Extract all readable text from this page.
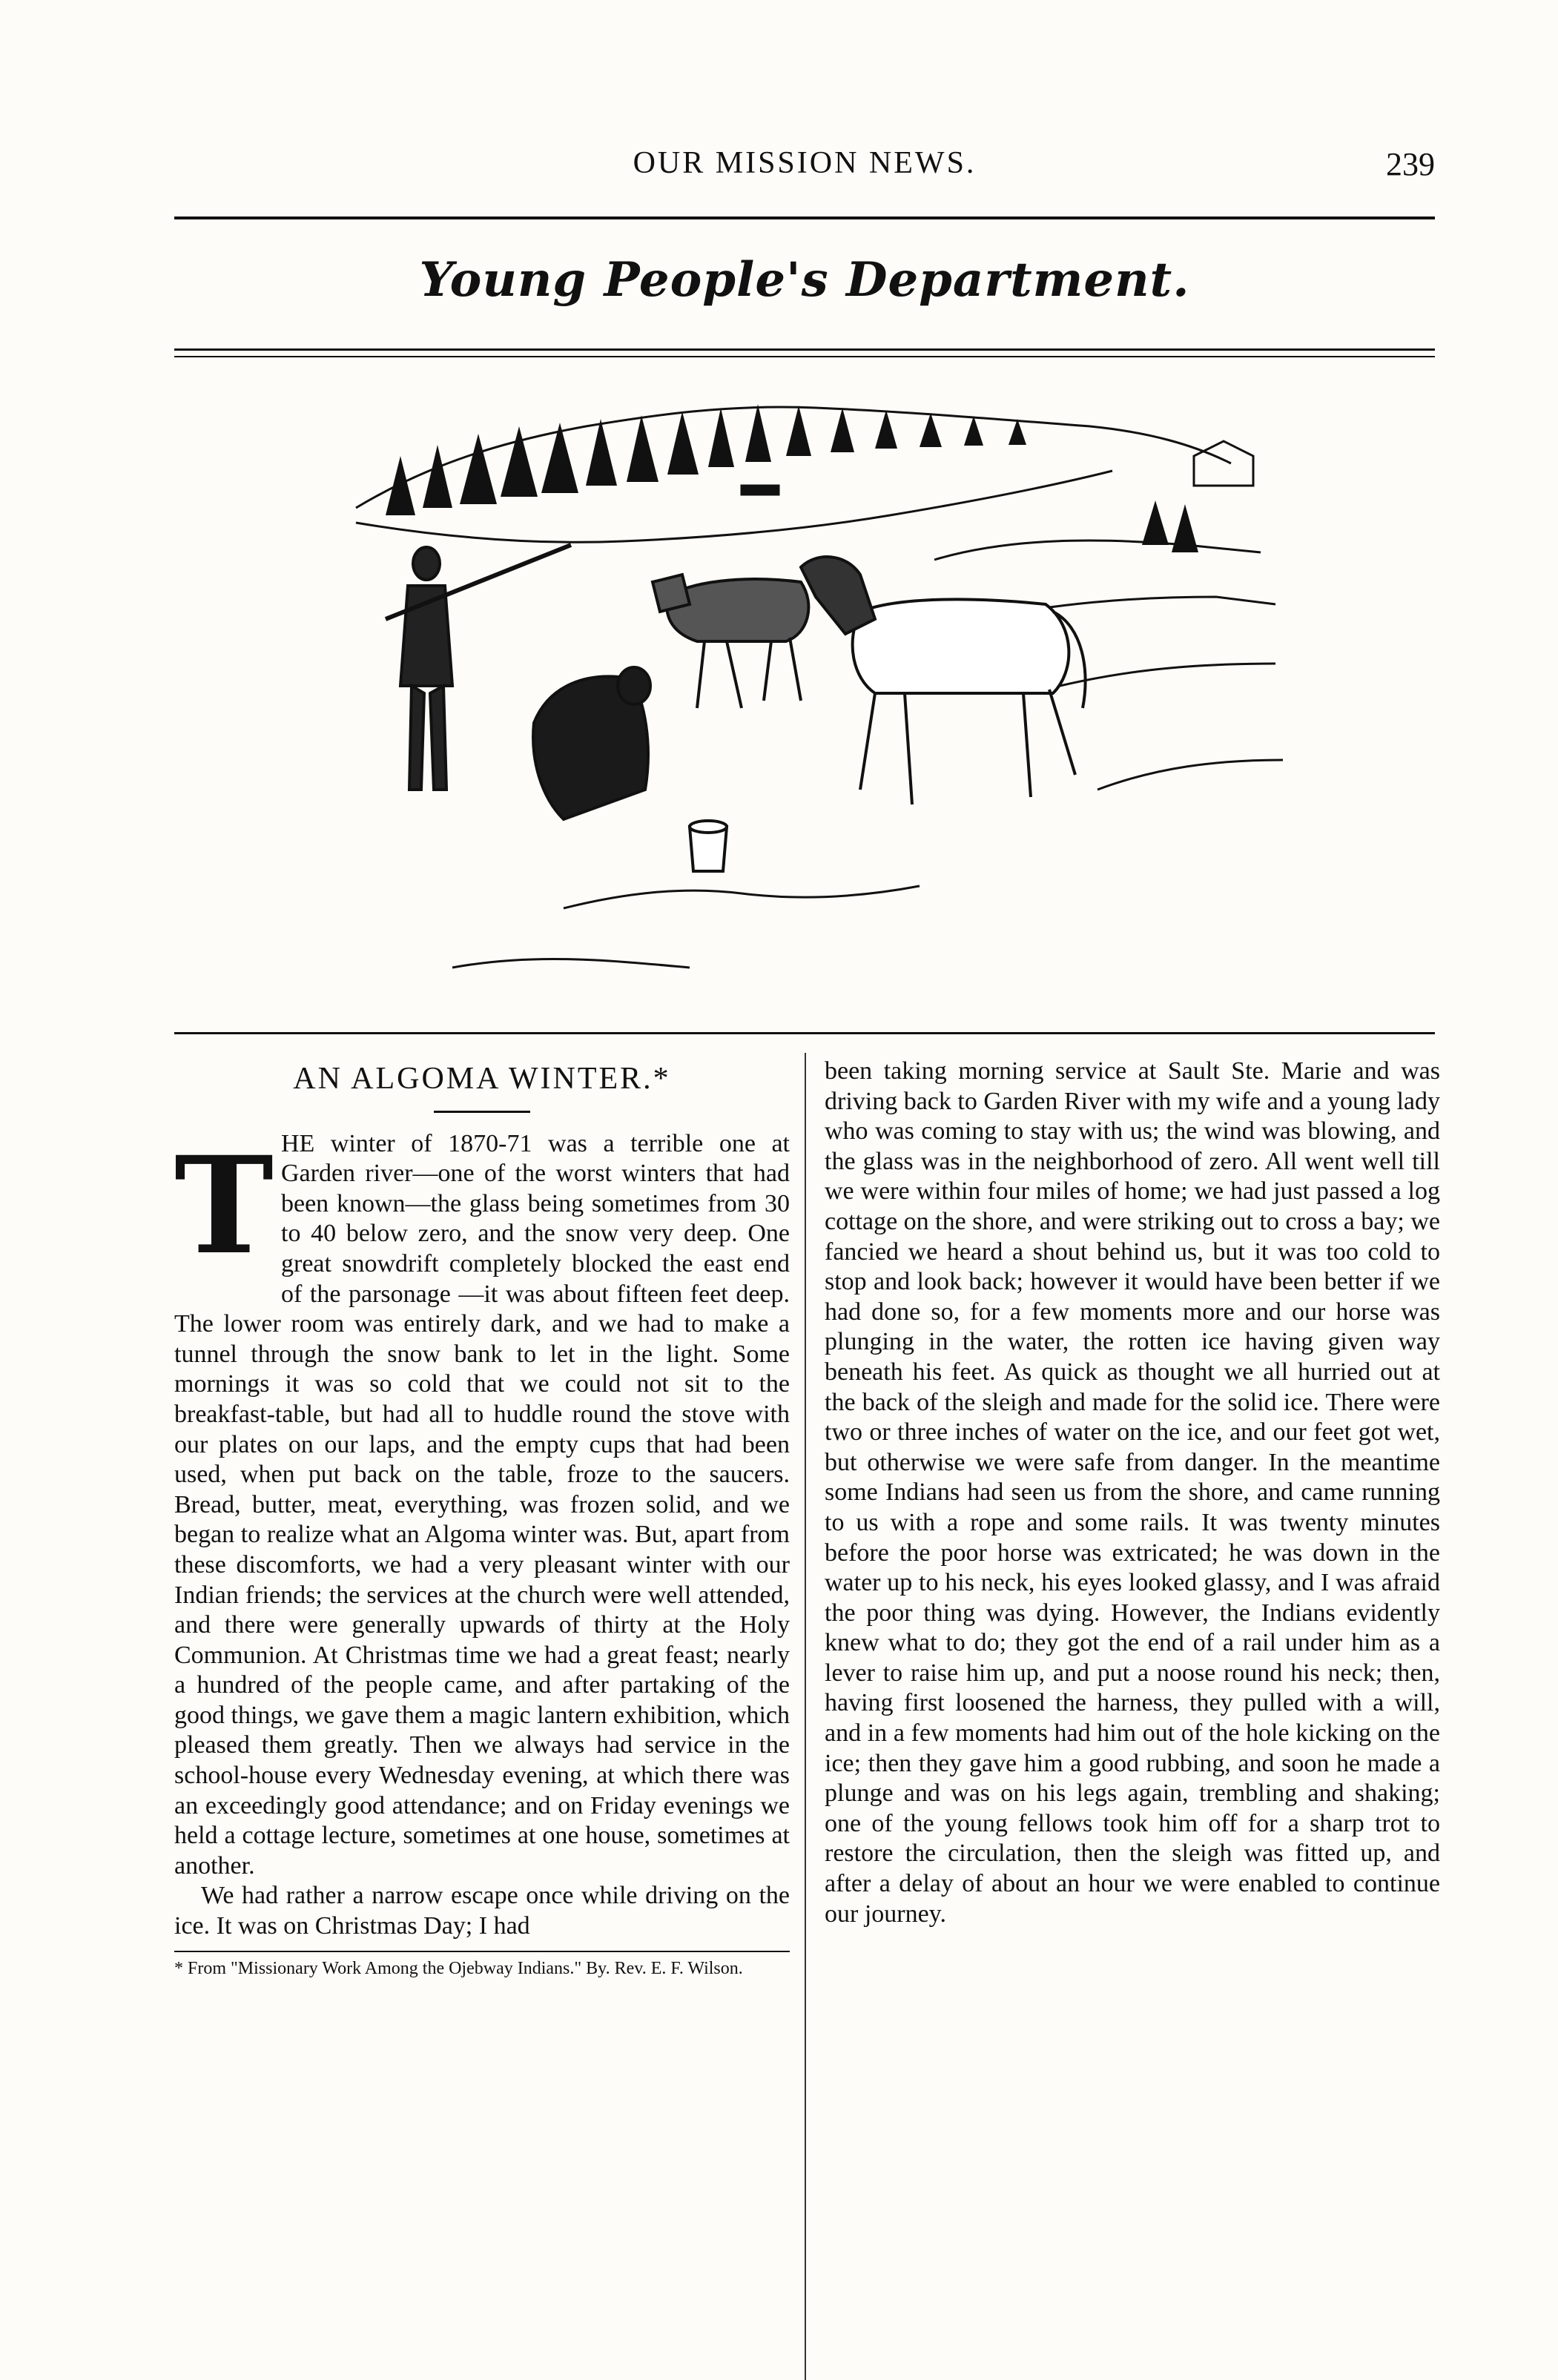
OUR MISSION NEWS.	239
Young People's Department.
AN ALGOMA WINTER.*
T HE winter of 1870-71 was a terrible one at Garden river—one of the worst winters that had been known—the glass being sometimes from 30 to 40 below zero, and the snow very deep. One great snowdrift completely blocked the east end of the parsonage —it was about fifteen feet deep. The lower room was entirely dark, and we had to make a tunnel through the snow bank to let in the light. Some mornings it was so cold that we could not sit to the breakfast-table, but had all to huddle round the stove with our plates on our laps, and the empty cups that had been used, when put back on the table, froze to the saucers. Bread, butter, meat, everything, was frozen solid, and we began to realize what an Algoma winter was. But, apart from these discomforts, we had a very pleasant winter with our Indian friends; the services at the church were well attended, and there were generally upwards of thirty at the Holy Communion. At Christmas time we had a great feast; nearly a hundred of the people came, and after partaking of the good things, we gave them a magic lantern exhibition, which pleased them greatly. Then we always had service in the school-house every Wednesday evening, at which there was an exceedingly good attendance; and on Friday evenings we held a cottage lecture, sometimes at one house, sometimes at another.

We had rather a narrow escape once while driving on the ice. It was on Christmas Day; I had

* From "Missionary Work Among the Ojebway Indians." By. Rev. E. F. Wilson.

been taking morning service at Sault Ste. Marie and was driving back to Garden River with my wife and a young lady who was coming to stay with us; the wind was blowing, and the glass was in the neighborhood of zero. All went well till we were within four miles of home; we had just passed a log cottage on the shore, and were striking out to cross a bay; we fancied we heard a shout behind us, but it was too cold to stop and look back; however it would have been better if we had done so, for a few moments more and our horse was plunging in the water, the rotten ice having given way beneath his feet. As quick as thought we all hurried out at the back of the sleigh and made for the solid ice. There were two or three inches of water on the ice, and our feet got wet, but otherwise we were safe from danger. In the meantime some Indians had seen us from the shore, and came running to us with a rope and some rails. It was twenty minutes before the poor horse was extricated; he was down in the water up to his neck, his eyes looked glassy, and I was afraid the poor thing was dying. However, the Indians evidently knew what to do; they got the end of a rail under him as a lever to raise him up, and put a noose round his neck; then, having first loosened the harness, they pulled with a will, and in a few moments had him out of the hole kicking on the ice; then they gave him a good rubbing, and soon he made a plunge and was on his legs again, trembling and shaking; one of the young fellows took him off for a sharp trot to restore the circulation, then the sleigh was fitted up, and after a delay of about an hour we were enabled to continue our journey.
